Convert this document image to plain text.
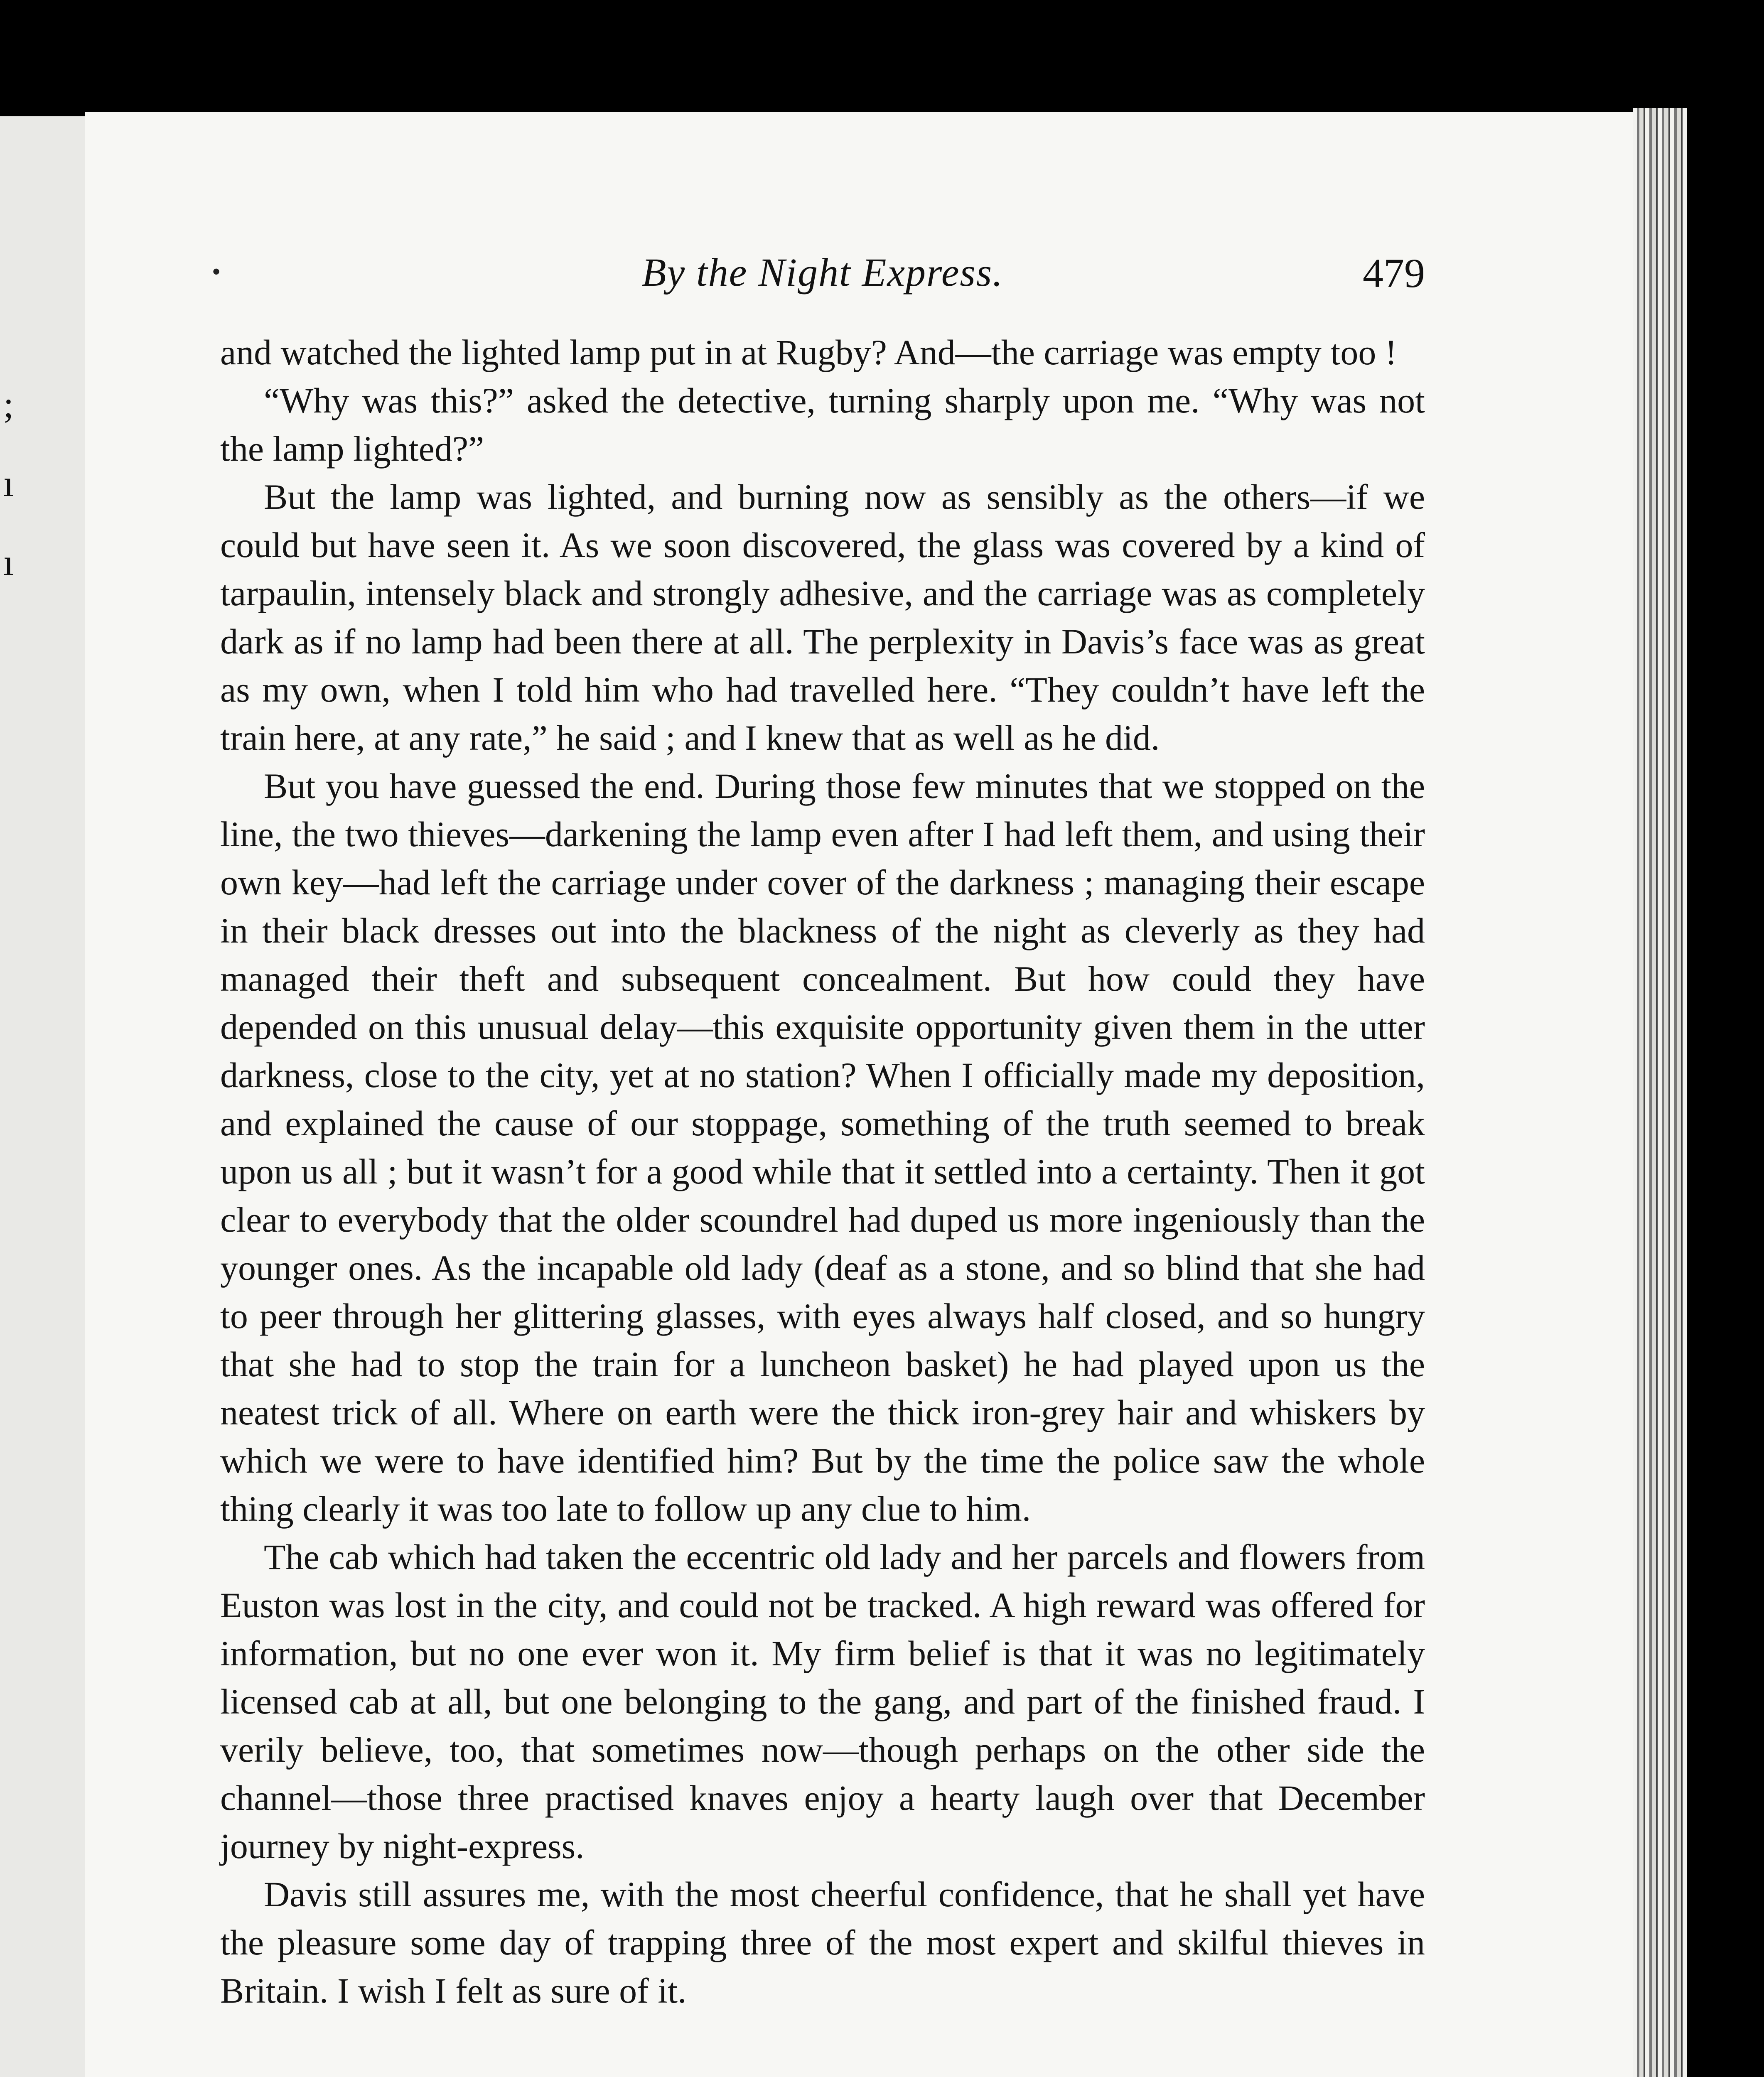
;
ı
ı
•	By the Night Express.	479

and watched the lighted lamp put in at Rugby? And—the carriage was empty too !

“Why was this?” asked the detective, turning sharply upon me. “Why was not the lamp lighted?”

But the lamp was lighted, and burning now as sensibly as the others—if we could but have seen it. As we soon discovered, the glass was covered by a kind of tarpaulin, intensely black and strongly adhesive, and the carriage was as completely dark as if no lamp had been there at all. The perplexity in Davis’s face was as great as my own, when I told him who had travelled here. “They couldn’t have left the train here, at any rate,” he said ; and I knew that as well as he did.

But you have guessed the end. During those few minutes that we stopped on the line, the two thieves—darkening the lamp even after I had left them, and using their own key—had left the carriage under cover of the darkness ; managing their escape in their black dresses out into the blackness of the night as cleverly as they had managed their theft and subsequent concealment. But how could they have depended on this unusual delay—this exquisite opportunity given them in the utter darkness, close to the city, yet at no station? When I officially made my deposition, and explained the cause of our stoppage, something of the truth seemed to break upon us all ; but it wasn’t for a good while that it settled into a certainty. Then it got clear to everybody that the older scoundrel had duped us more ingeniously than the younger ones. As the incapable old lady (deaf as a stone, and so blind that she had to peer through her glittering glasses, with eyes always half closed, and so hungry that she had to stop the train for a luncheon basket) he had played upon us the neatest trick of all. Where on earth were the thick iron-grey hair and whiskers by which we were to have identified him? But by the time the police saw the whole thing clearly it was too late to follow up any clue to him.

The cab which had taken the eccentric old lady and her parcels and flowers from Euston was lost in the city, and could not be tracked. A high reward was offered for information, but no one ever won it. My firm belief is that it was no legitimately licensed cab at all, but one belonging to the gang, and part of the finished fraud. I verily believe, too, that sometimes now—though perhaps on the other side the channel—those three practised knaves enjoy a hearty laugh over that December journey by night-express.

Davis still assures me, with the most cheerful confidence, that he shall yet have the pleasure some day of trapping three of the most expert and skilful thieves in Britain. I wish I felt as sure of it.
